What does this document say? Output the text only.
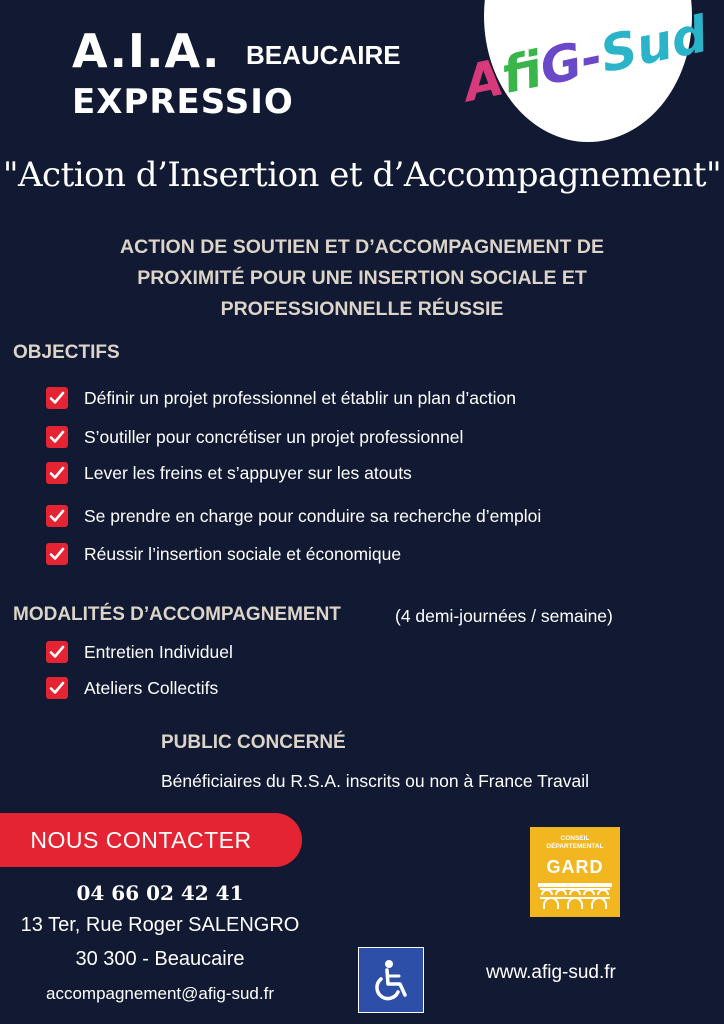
A.I.A.
EXPRESSIO
BEAUCAIRE AfiG-Sud
"Action d’Insertion et d’Accompagnement"
ACTION DE SOUTIEN ET D’ACCOMPAGNEMENT DE
PROXIMITÉ POUR UNE INSERTION SOCIALE ET
PROFESSIONNELLE RÉUSSIE
OBJECTIFS
Définir un projet professionnel et établir un plan d’action
S’outiller pour concrétiser un projet professionnel
Lever les freins et s’appuyer sur les atouts
Se prendre en charge pour conduire sa recherche d’emploi
Réussir l’insertion sociale et économique
MODALITÉS D’ACCOMPAGNEMENT	(4 demi-journées / semaine)
Entretien Individuel
Ateliers Collectifs
PUBLIC CONCERNÉ
Bénéficiaires du R.S.A. inscrits ou non à France Travail
NOUS CONTACTER
04 66 02 42 41
13 Ter, Rue Roger SALENGRO
30 300 - Beaucaire
accompagnement@afig-sud.fr
CONSEIL
DÉPARTEMENTAL
GARD
www.afig-sud.fr
